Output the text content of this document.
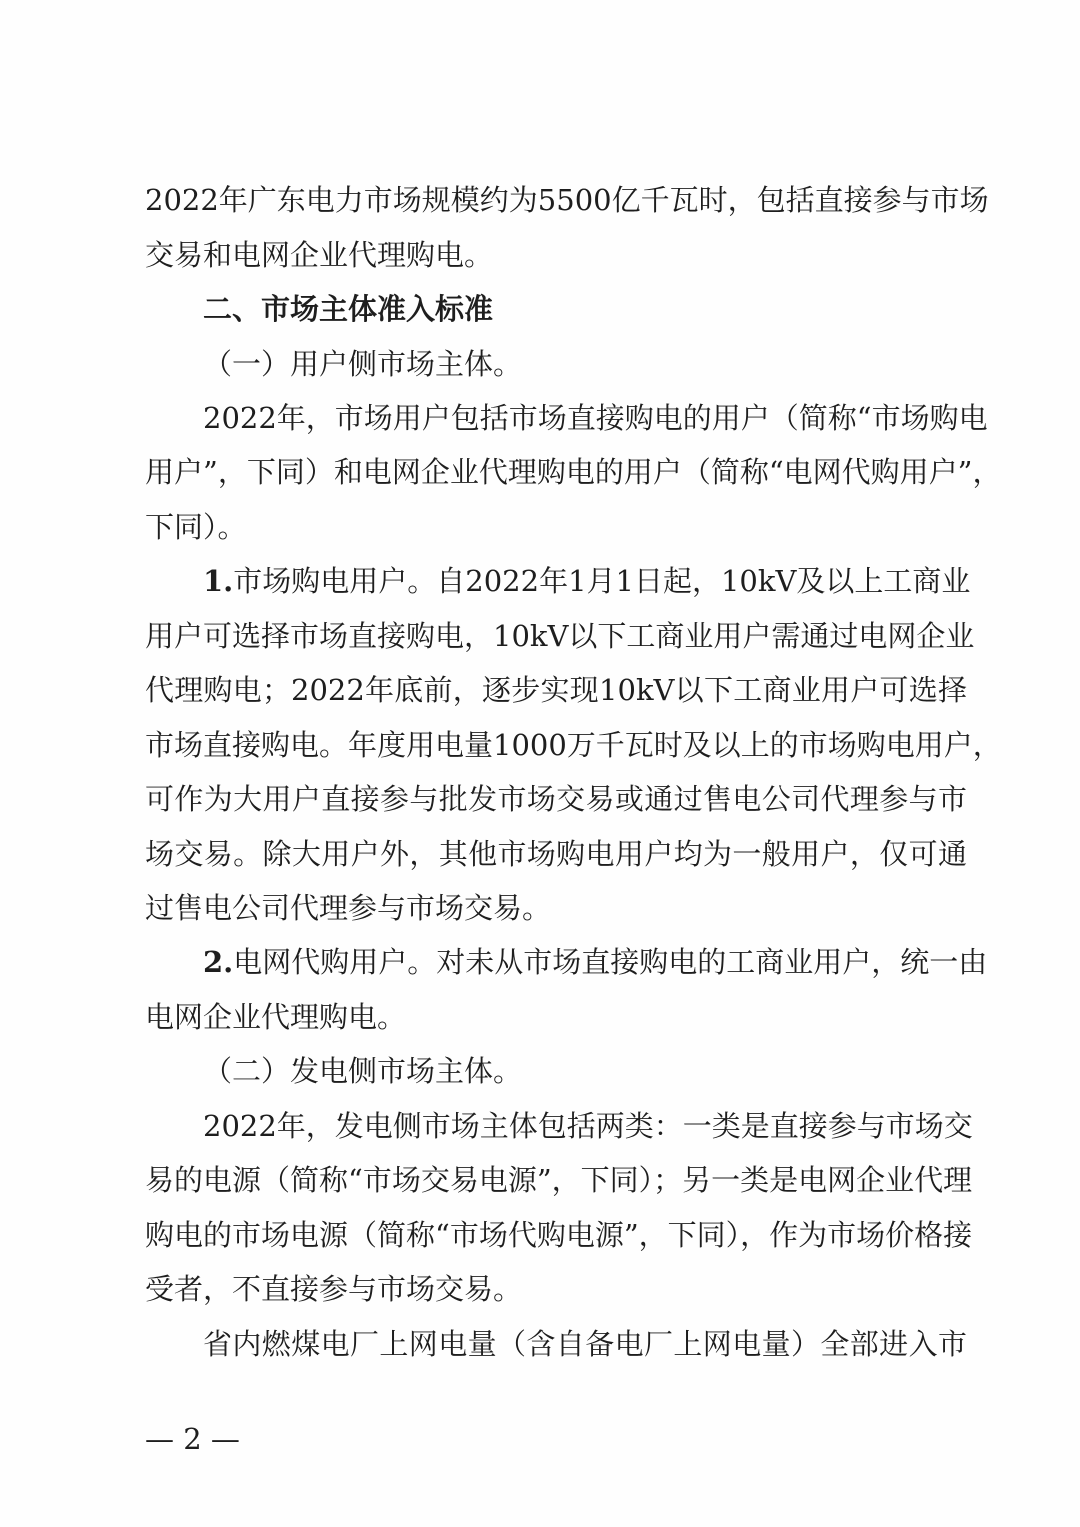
2022年广东电力市场规模约为5500亿千瓦时，包括直接参与市场
交易和电网企业代理购电。
二、市场主体准入标准
（一）用户侧市场主体。
2022年，市场用户包括市场直接购电的用户（简称“市场购电
用户”，下同）和电网企业代理购电的用户（简称“电网代购用户”，
下同）。
1.市场购电用户。自2022年1月1日起，10kV及以上工商业
用户可选择市场直接购电，10kV以下工商业用户需通过电网企业
代理购电；2022年底前，逐步实现10kV以下工商业用户可选择
市场直接购电。年度用电量1000万千瓦时及以上的市场购电用户，
可作为大用户直接参与批发市场交易或通过售电公司代理参与市
场交易。除大用户外，其他市场购电用户均为一般用户，仅可通
过售电公司代理参与市场交易。
2.电网代购用户。对未从市场直接购电的工商业用户，统一由
电网企业代理购电。
（二）发电侧市场主体。
2022年，发电侧市场主体包括两类：一类是直接参与市场交
易的电源（简称“市场交易电源”，下同）；另一类是电网企业代理
购电的市场电源（简称“市场代购电源”，下同），作为市场价格接
受者，不直接参与市场交易。
省内燃煤电厂上网电量（含自备电厂上网电量）全部进入市
— 2 —
